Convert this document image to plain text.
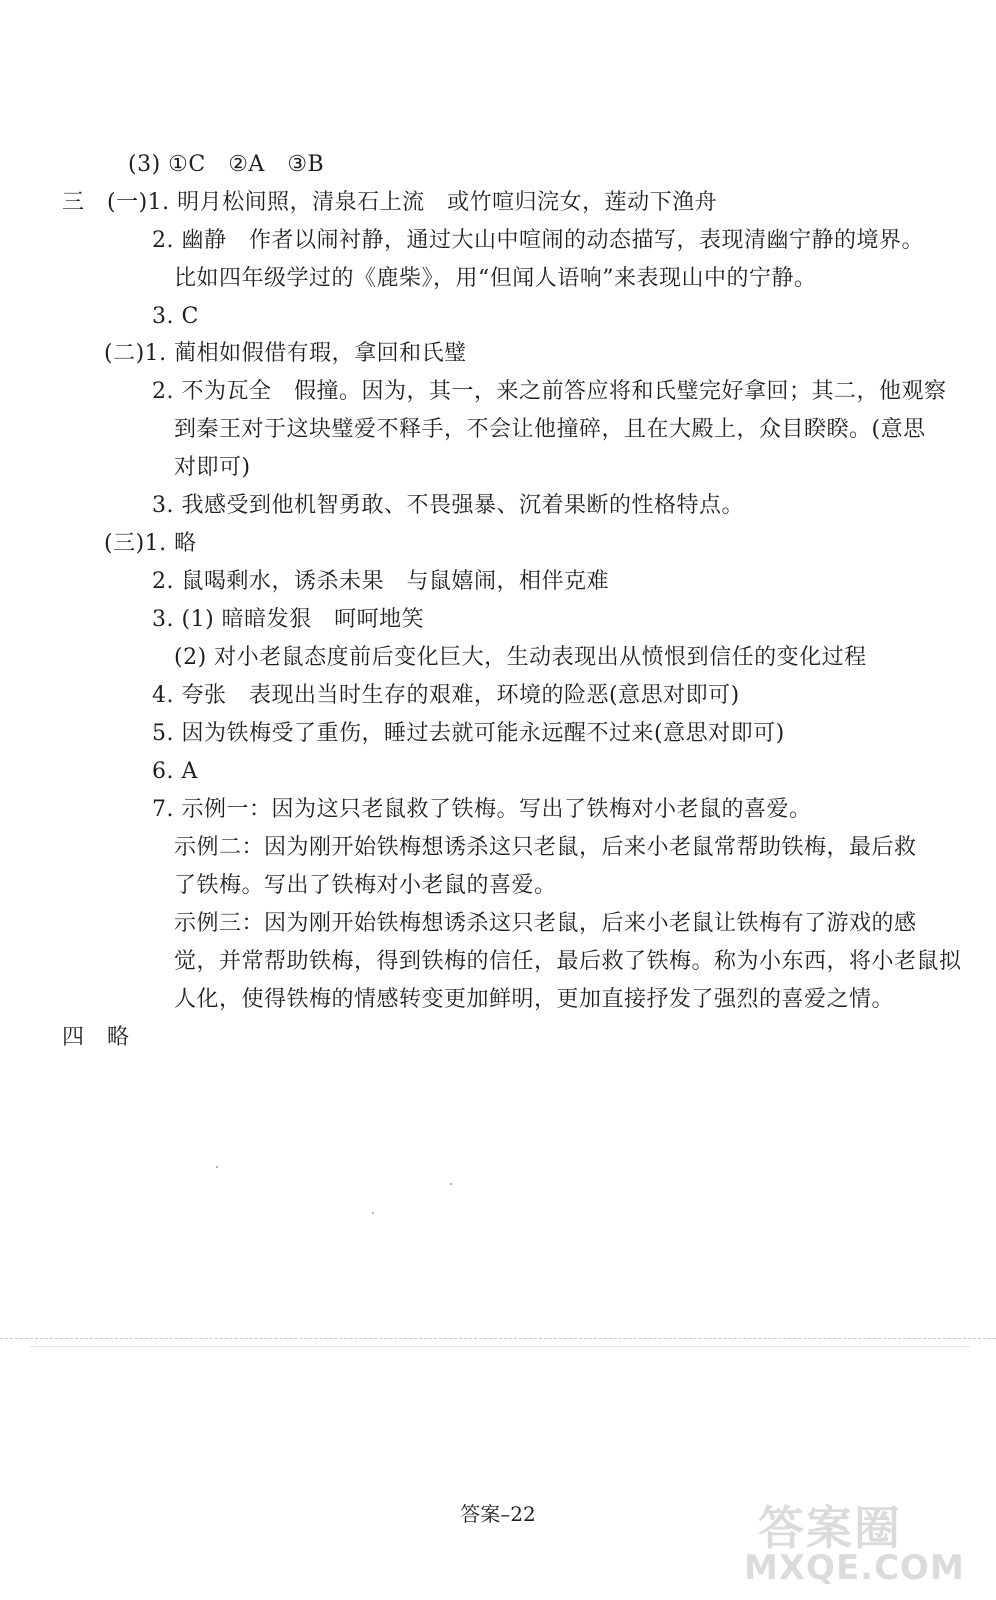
(3) ①C　②A　③B
三　(一)1. 明月松间照，清泉石上流　或竹喧归浣女，莲动下渔舟
2. 幽静　作者以闹衬静，通过大山中喧闹的动态描写，表现清幽宁静的境界。
比如四年级学过的《鹿柴》，用“但闻人语响”来表现山中的宁静。
3. C
(二)1. 蔺相如假借有瑕，拿回和氏璧
2. 不为瓦全　假撞。因为，其一，来之前答应将和氏璧完好拿回；其二，他观察
到秦王对于这块璧爱不释手，不会让他撞碎，且在大殿上，众目睽睽。(意思
对即可)
3. 我感受到他机智勇敢、不畏强暴、沉着果断的性格特点。
(三)1. 略
2. 鼠喝剩水，诱杀未果　与鼠嬉闹，相伴克难
3. (1) 暗暗发狠　呵呵地笑
(2) 对小老鼠态度前后变化巨大，生动表现出从愤恨到信任的变化过程
4. 夸张　表现出当时生存的艰难，环境的险恶(意思对即可)
5. 因为铁梅受了重伤，睡过去就可能永远醒不过来(意思对即可)
6. A
7. 示例一：因为这只老鼠救了铁梅。写出了铁梅对小老鼠的喜爱。
示例二：因为刚开始铁梅想诱杀这只老鼠，后来小老鼠常帮助铁梅，最后救
了铁梅。写出了铁梅对小老鼠的喜爱。
示例三：因为刚开始铁梅想诱杀这只老鼠，后来小老鼠让铁梅有了游戏的感
觉，并常帮助铁梅，得到铁梅的信任，最后救了铁梅。称为小东西，将小老鼠拟
人化，使得铁梅的情感转变更加鲜明，更加直接抒发了强烈的喜爱之情。
四　略
答案–22	答案圈
MXQE.COM
